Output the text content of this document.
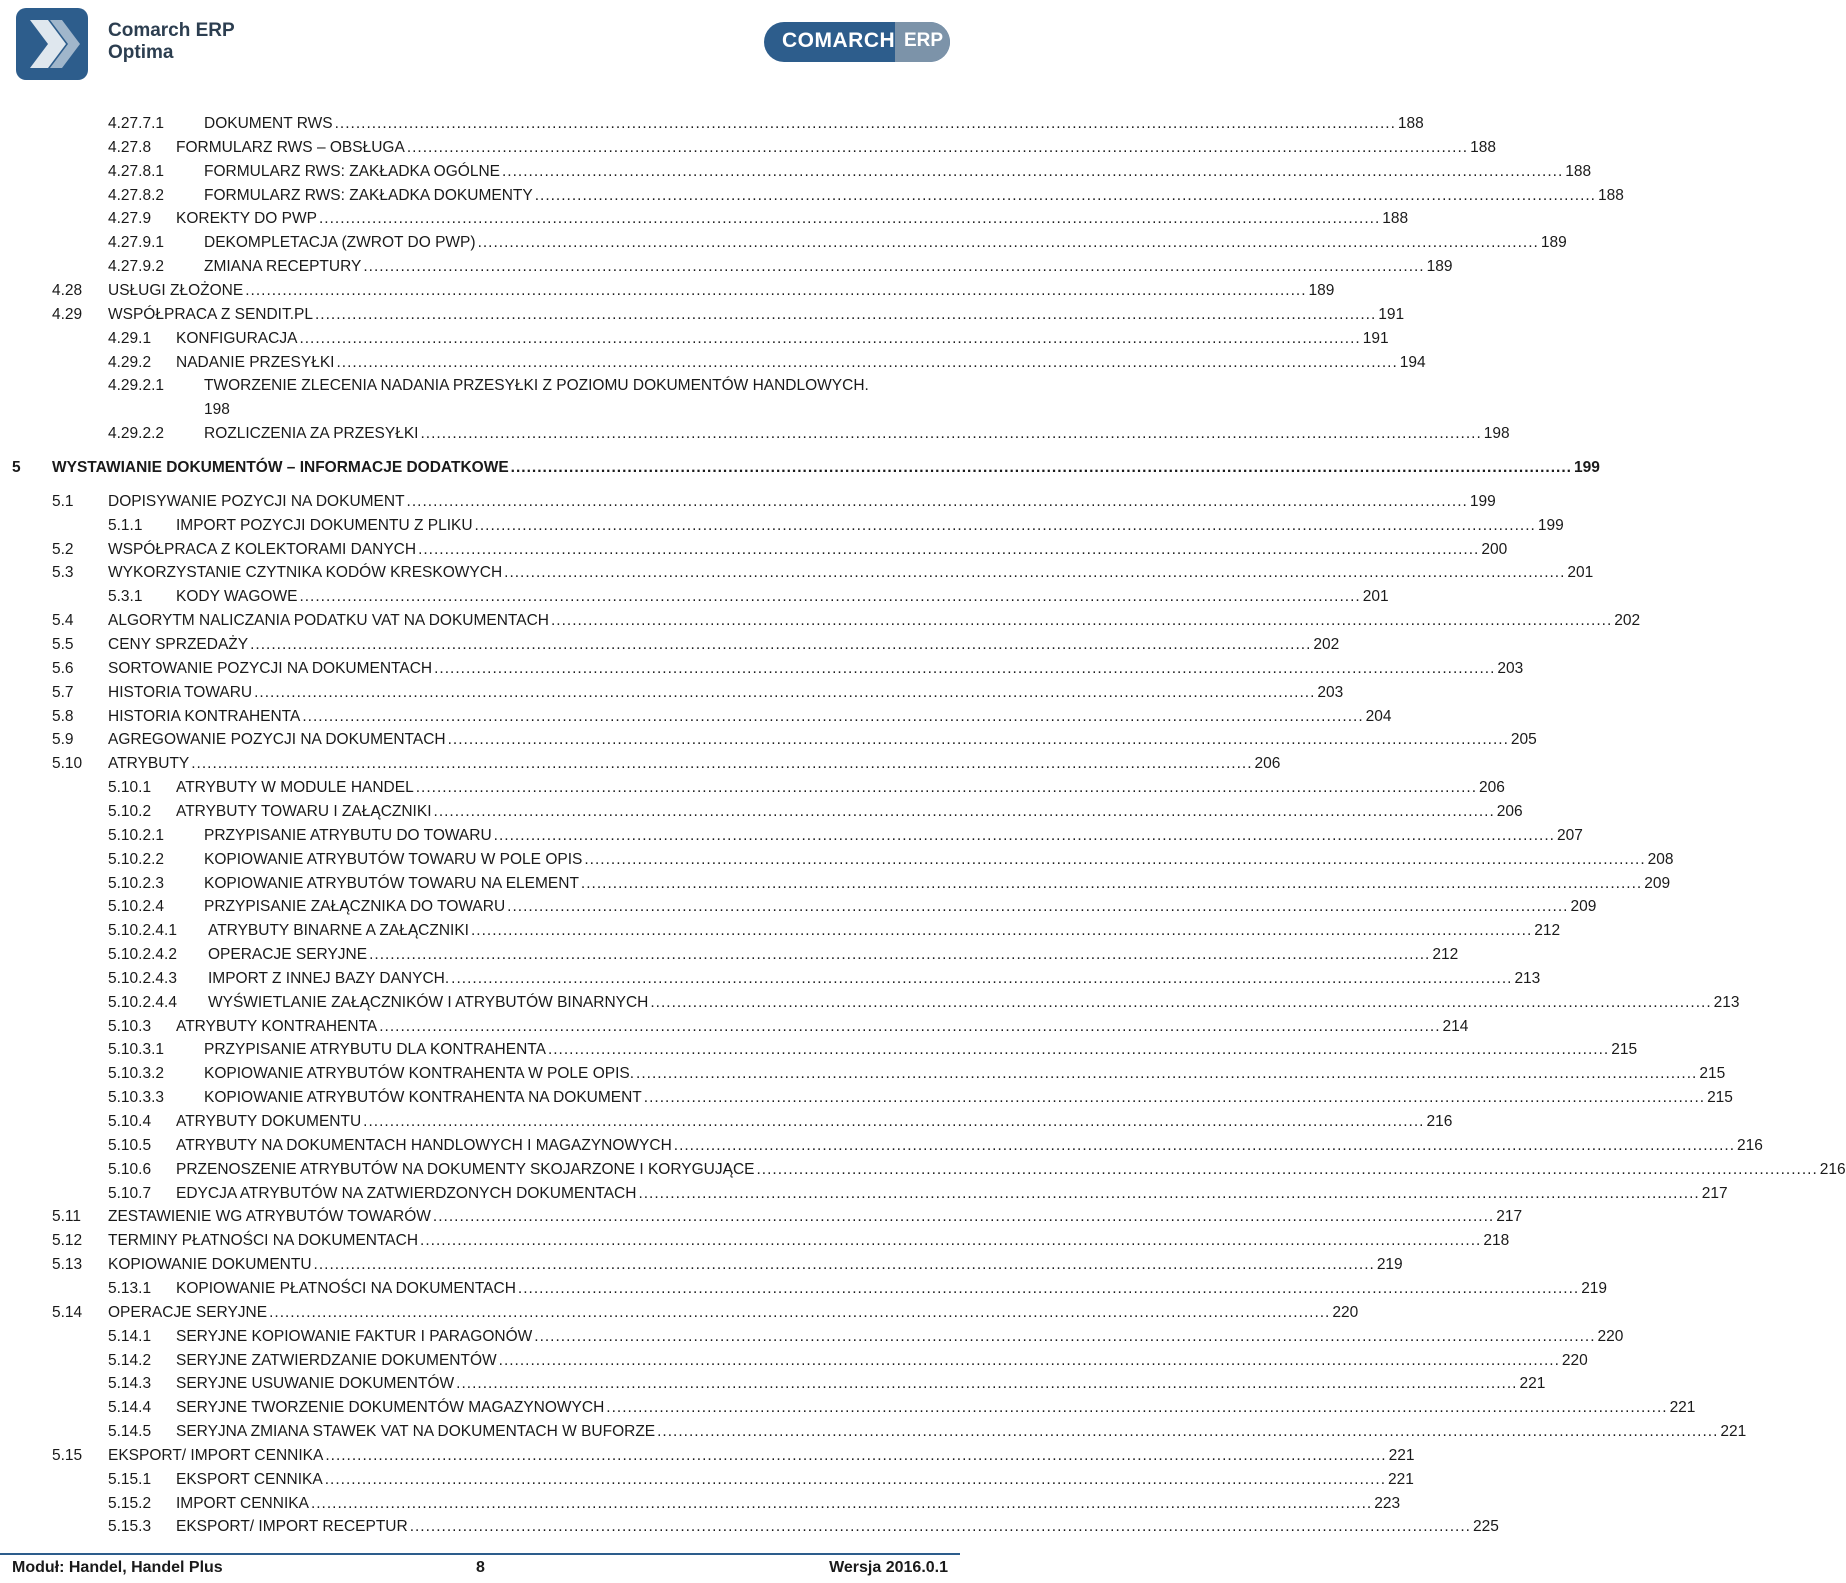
Comarch ERP
Optima
COMARCH ERP
4.27.7.1	DOKUMENT RWS ........................................................................................................................................................................................................ 188
4.27.8 FORMULARZ RWS – OBSŁUGA ........................................................................................................................................................................................................ 188
4.27.8.1	FORMULARZ RWS: ZAKŁADKA OGÓLNE ........................................................................................................................................................................................................ 188
4.27.8.2	FORMULARZ RWS: ZAKŁADKA DOKUMENTY ........................................................................................................................................................................................................ 188
4.27.9 KOREKTY DO PWP ........................................................................................................................................................................................................ 188
4.27.9.1	DEKOMPLETACJA (ZWROT DO PWP) ........................................................................................................................................................................................................ 189
4.27.9.2	ZMIANA RECEPTURY ........................................................................................................................................................................................................ 189
4.28 USŁUGI ZŁOŻONE ........................................................................................................................................................................................................ 189
4.29 WSPÓŁPRACA Z SENDIT.PL ........................................................................................................................................................................................................ 191
4.29.1 KONFIGURACJA ........................................................................................................................................................................................................ 191
4.29.2 NADANIE PRZESYŁKI ........................................................................................................................................................................................................ 194
4.29.2.1	TWORZENIE ZLECENIA NADANIA PRZESYŁKI Z POZIOMU DOKUMENTÓW HANDLOWYCH.
198
4.29.2.2	ROZLICZENIA ZA PRZESYŁKI ........................................................................................................................................................................................................ 198
5 WYSTAWIANIE DOKUMENTÓW – INFORMACJE DODATKOWE ........................................................................................................................................................................................................ 199
5.1 DOPISYWANIE POZYCJI NA DOKUMENT ........................................................................................................................................................................................................ 199
5.1.1 IMPORT POZYCJI DOKUMENTU Z PLIKU ........................................................................................................................................................................................................ 199
5.2 WSPÓŁPRACA Z KOLEKTORAMI DANYCH ........................................................................................................................................................................................................ 200
5.3 WYKORZYSTANIE CZYTNIKA KODÓW KRESKOWYCH ........................................................................................................................................................................................................ 201
5.3.1 KODY WAGOWE ........................................................................................................................................................................................................ 201
5.4 ALGORYTM NALICZANIA PODATKU VAT NA DOKUMENTACH ........................................................................................................................................................................................................ 202
5.5 CENY SPRZEDAŻY ........................................................................................................................................................................................................ 202
5.6 SORTOWANIE POZYCJI NA DOKUMENTACH ........................................................................................................................................................................................................ 203
5.7 HISTORIA TOWARU ........................................................................................................................................................................................................ 203
5.8 HISTORIA KONTRAHENTA ........................................................................................................................................................................................................ 204
5.9 AGREGOWANIE POZYCJI NA DOKUMENTACH ........................................................................................................................................................................................................ 205
5.10 ATRYBUTY ........................................................................................................................................................................................................ 206
5.10.1 ATRYBUTY W MODULE HANDEL ........................................................................................................................................................................................................ 206
5.10.2 ATRYBUTY TOWARU I ZAŁĄCZNIKI ........................................................................................................................................................................................................ 206
5.10.2.1	PRZYPISANIE ATRYBUTU DO TOWARU ........................................................................................................................................................................................................ 207
5.10.2.2	KOPIOWANIE ATRYBUTÓW TOWARU W POLE OPIS ........................................................................................................................................................................................................ 208
5.10.2.3	KOPIOWANIE ATRYBUTÓW TOWARU NA ELEMENT ........................................................................................................................................................................................................ 209
5.10.2.4	PRZYPISANIE ZAŁĄCZNIKA DO TOWARU ........................................................................................................................................................................................................ 209
5.10.2.4.1 ATRYBUTY BINARNE A ZAŁĄCZNIKI ........................................................................................................................................................................................................ 212
5.10.2.4.2 OPERACJE SERYJNE ........................................................................................................................................................................................................ 212
5.10.2.4.3 IMPORT Z INNEJ BAZY DANYCH. ........................................................................................................................................................................................................ 213
5.10.2.4.4 WYŚWIETLANIE ZAŁĄCZNIKÓW I ATRYBUTÓW BINARNYCH ........................................................................................................................................................................................................ 213
5.10.3 ATRYBUTY KONTRAHENTA ........................................................................................................................................................................................................ 214
5.10.3.1	PRZYPISANIE ATRYBUTU DLA KONTRAHENTA ........................................................................................................................................................................................................ 215
5.10.3.2	KOPIOWANIE ATRYBUTÓW KONTRAHENTA W POLE OPIS. ........................................................................................................................................................................................................ 215
5.10.3.3	KOPIOWANIE ATRYBUTÓW KONTRAHENTA NA DOKUMENT ........................................................................................................................................................................................................ 215
5.10.4 ATRYBUTY DOKUMENTU ........................................................................................................................................................................................................ 216
5.10.5 ATRYBUTY NA DOKUMENTACH HANDLOWYCH I MAGAZYNOWYCH ........................................................................................................................................................................................................ 216
5.10.6 PRZENOSZENIE ATRYBUTÓW NA DOKUMENTY SKOJARZONE I KORYGUJĄCE ........................................................................................................................................................................................................ 216
5.10.7 EDYCJA ATRYBUTÓW NA ZATWIERDZONYCH DOKUMENTACH ........................................................................................................................................................................................................ 217
5.11 ZESTAWIENIE WG ATRYBUTÓW TOWARÓW ........................................................................................................................................................................................................ 217
5.12 TERMINY PŁATNOŚCI NA DOKUMENTACH ........................................................................................................................................................................................................ 218
5.13 KOPIOWANIE DOKUMENTU ........................................................................................................................................................................................................ 219
5.13.1 KOPIOWANIE PŁATNOŚCI NA DOKUMENTACH ........................................................................................................................................................................................................ 219
5.14 OPERACJE SERYJNE ........................................................................................................................................................................................................ 220
5.14.1 SERYJNE KOPIOWANIE FAKTUR I PARAGONÓW ........................................................................................................................................................................................................ 220
5.14.2 SERYJNE ZATWIERDZANIE DOKUMENTÓW ........................................................................................................................................................................................................ 220
5.14.3 SERYJNE USUWANIE DOKUMENTÓW ........................................................................................................................................................................................................ 221
5.14.4 SERYJNE TWORZENIE DOKUMENTÓW MAGAZYNOWYCH ........................................................................................................................................................................................................ 221
5.14.5 SERYJNA ZMIANA STAWEK VAT NA DOKUMENTACH W BUFORZE ........................................................................................................................................................................................................ 221
5.15 EKSPORT/ IMPORT CENNIKA ........................................................................................................................................................................................................ 221
5.15.1 EKSPORT CENNIKA ........................................................................................................................................................................................................ 221
5.15.2 IMPORT CENNIKA ........................................................................................................................................................................................................ 223
5.15.3 EKSPORT/ IMPORT RECEPTUR ........................................................................................................................................................................................................ 225
Moduł: Handel, Handel Plus	8	Wersja 2016.0.1
